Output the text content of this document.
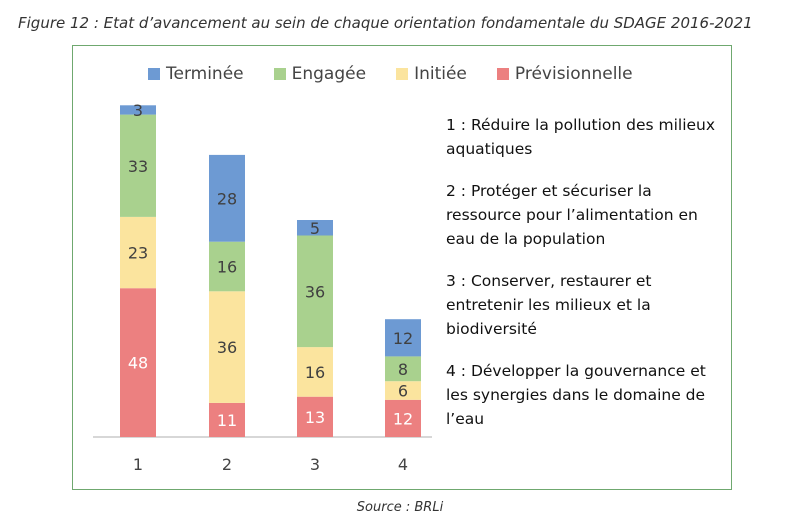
Figure 12 : Etat d’avancement au sein de chaque orientation fondamentale du SDAGE 2016-2021
48
23
33
3
1
11
36
16
28
2
13
16
36
5
3
12
6
8
12
4
Terminée	Engagée	Initiée	Prévisionnelle
1 : Réduire la pollution des milieux aquatiques
2 : Protéger et sécuriser la ressource pour l’alimentation en eau de la population
3 : Conserver, restaurer et entretenir les milieux et la biodiversité
4 : Développer la gouvernance et les synergies dans le domaine de l’eau
Source : BRLi
